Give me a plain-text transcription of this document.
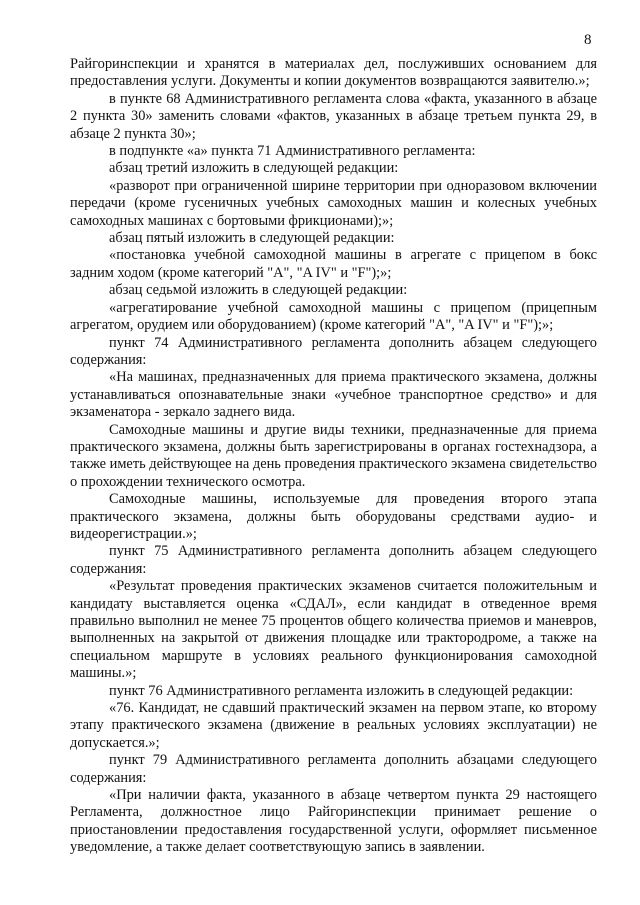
8

Райгоринспекции и хранятся в материалах дел, послуживших основанием для предоставления услуги. Документы и копии документов возвращаются заявителю.»;

в пункте 68 Административного регламента слова «факта, указанного в абзаце 2 пункта 30» заменить словами «фактов, указанных в абзаце третьем пункта 29, в абзаце 2 пункта 30»;

в подпункте «а» пункта 71 Административного регламента:

абзац третий изложить в следующей редакции:

«разворот при ограниченной ширине территории при одноразовом включении передачи (кроме гусеничных учебных самоходных машин и колесных учебных самоходных машинах с бортовыми фрикционами);»;

абзац пятый изложить в следующей редакции:

«постановка учебной самоходной машины в агрегате с прицепом в бокс задним ходом (кроме категорий "A", "A IV" и "F");»;

абзац седьмой изложить в следующей редакции:

«агрегатирование учебной самоходной машины с прицепом (прицепным агрегатом, орудием или оборудованием) (кроме категорий "A", "A IV" и "F");»;

пункт 74 Административного регламента дополнить абзацем следующего содержания:

«На машинах, предназначенных для приема практического экзамена, должны устанавливаться опознавательные знаки «учебное транспортное средство» и для экзаменатора - зеркало заднего вида.

Самоходные машины и другие виды техники, предназначенные для приема практического экзамена, должны быть зарегистрированы в органах гостехнадзора, а также иметь действующее на день проведения практического экзамена свидетельство о прохождении технического осмотра.

Самоходные машины, используемые для проведения второго этапа практического экзамена, должны быть оборудованы средствами аудио- и видеорегистрации.»;

пункт 75 Административного регламента дополнить абзацем следующего содержания:

«Результат проведения практических экзаменов считается положительным и кандидату выставляется оценка «СДАЛ», если кандидат в отведенное время правильно выполнил не менее 75 процентов общего количества приемов и маневров, выполненных на закрытой от движения площадке или трактородроме, а также на специальном маршруте в условиях реального функционирования самоходной машины.»;

пункт 76 Административного регламента изложить в следующей редакции:

«76. Кандидат, не сдавший практический экзамен на первом этапе, ко второму этапу практического экзамена (движение в реальных условиях эксплуатации) не допускается.»;

пункт 79 Административного регламента дополнить абзацами следующего содержания:

«При наличии факта, указанного в абзаце четвертом пункта 29 настоящего Регламента, должностное лицо Райгоринспекции принимает решение о приостановлении предоставления государственной услуги, оформляет письменное уведомление, а также делает соответствующую запись в заявлении.
